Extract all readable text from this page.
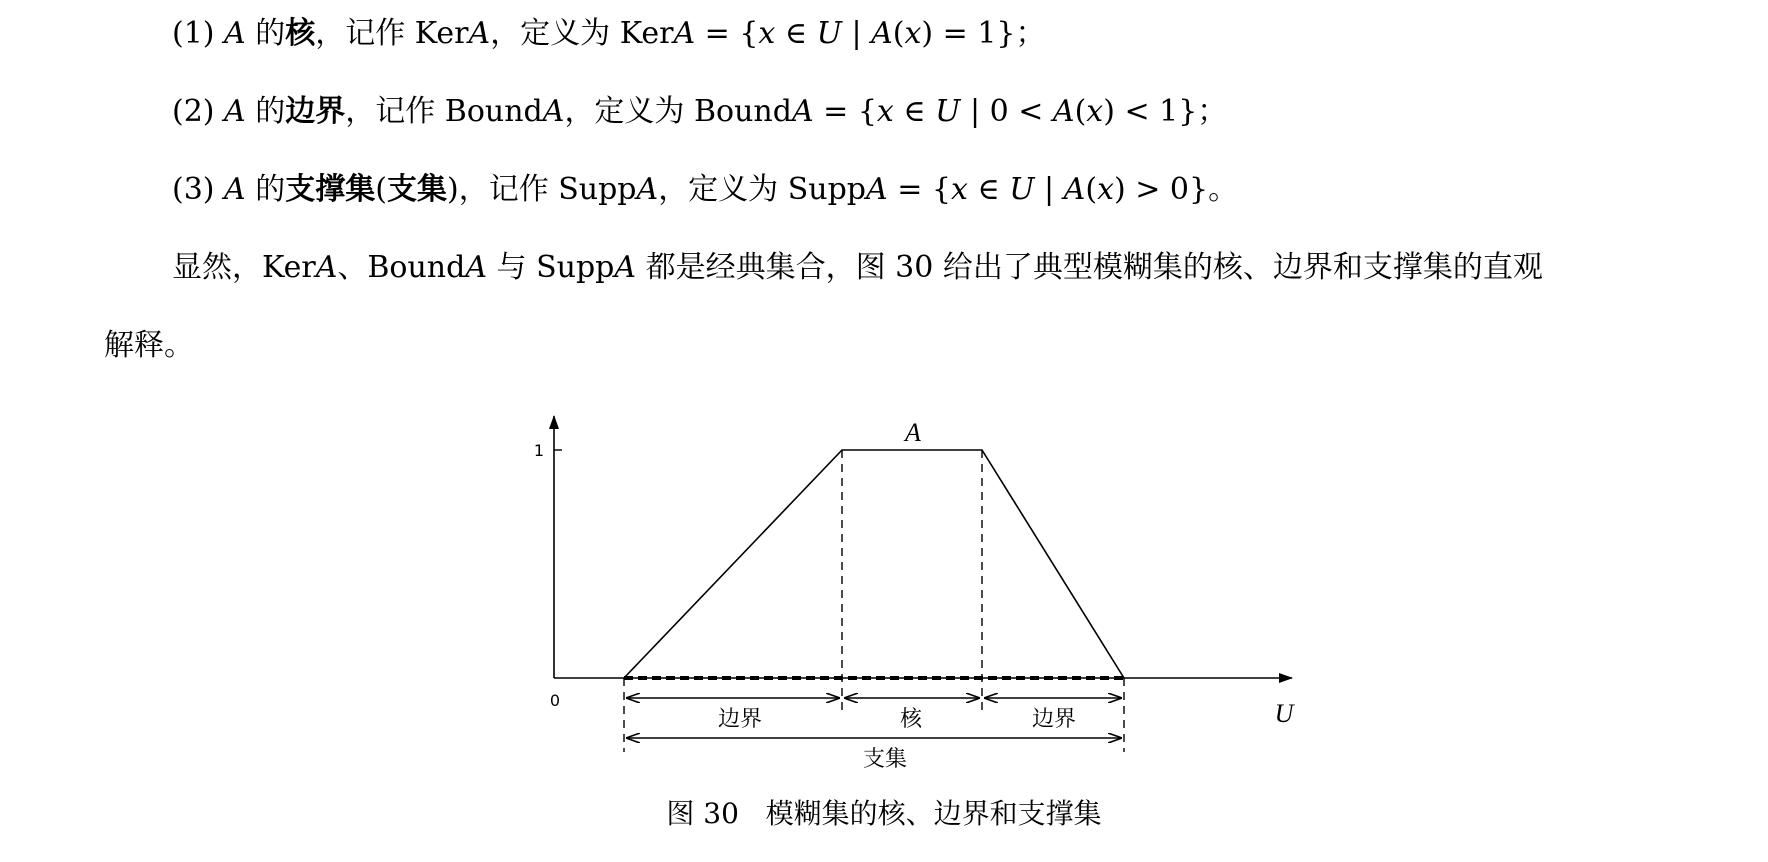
(1) A 的核，记作 KerA，定义为 KerA = {x ∈ U | A(x) = 1}；
(2) A 的边界，记作 BoundA，定义为 BoundA = {x ∈ U | 0 < A(x) < 1}；
(3) A 的支撑集(支集)，记作 SuppA，定义为 SuppA = {x ∈ U | A(x) > 0}。
显然，KerA、BoundA 与 SuppA 都是经典集合，图 30 给出了典型模糊集的核、边界和支撑集的直观
解释。
1
0
A
边界	核	边界	U
支集
图 30 模糊集的核、边界和支撑集
